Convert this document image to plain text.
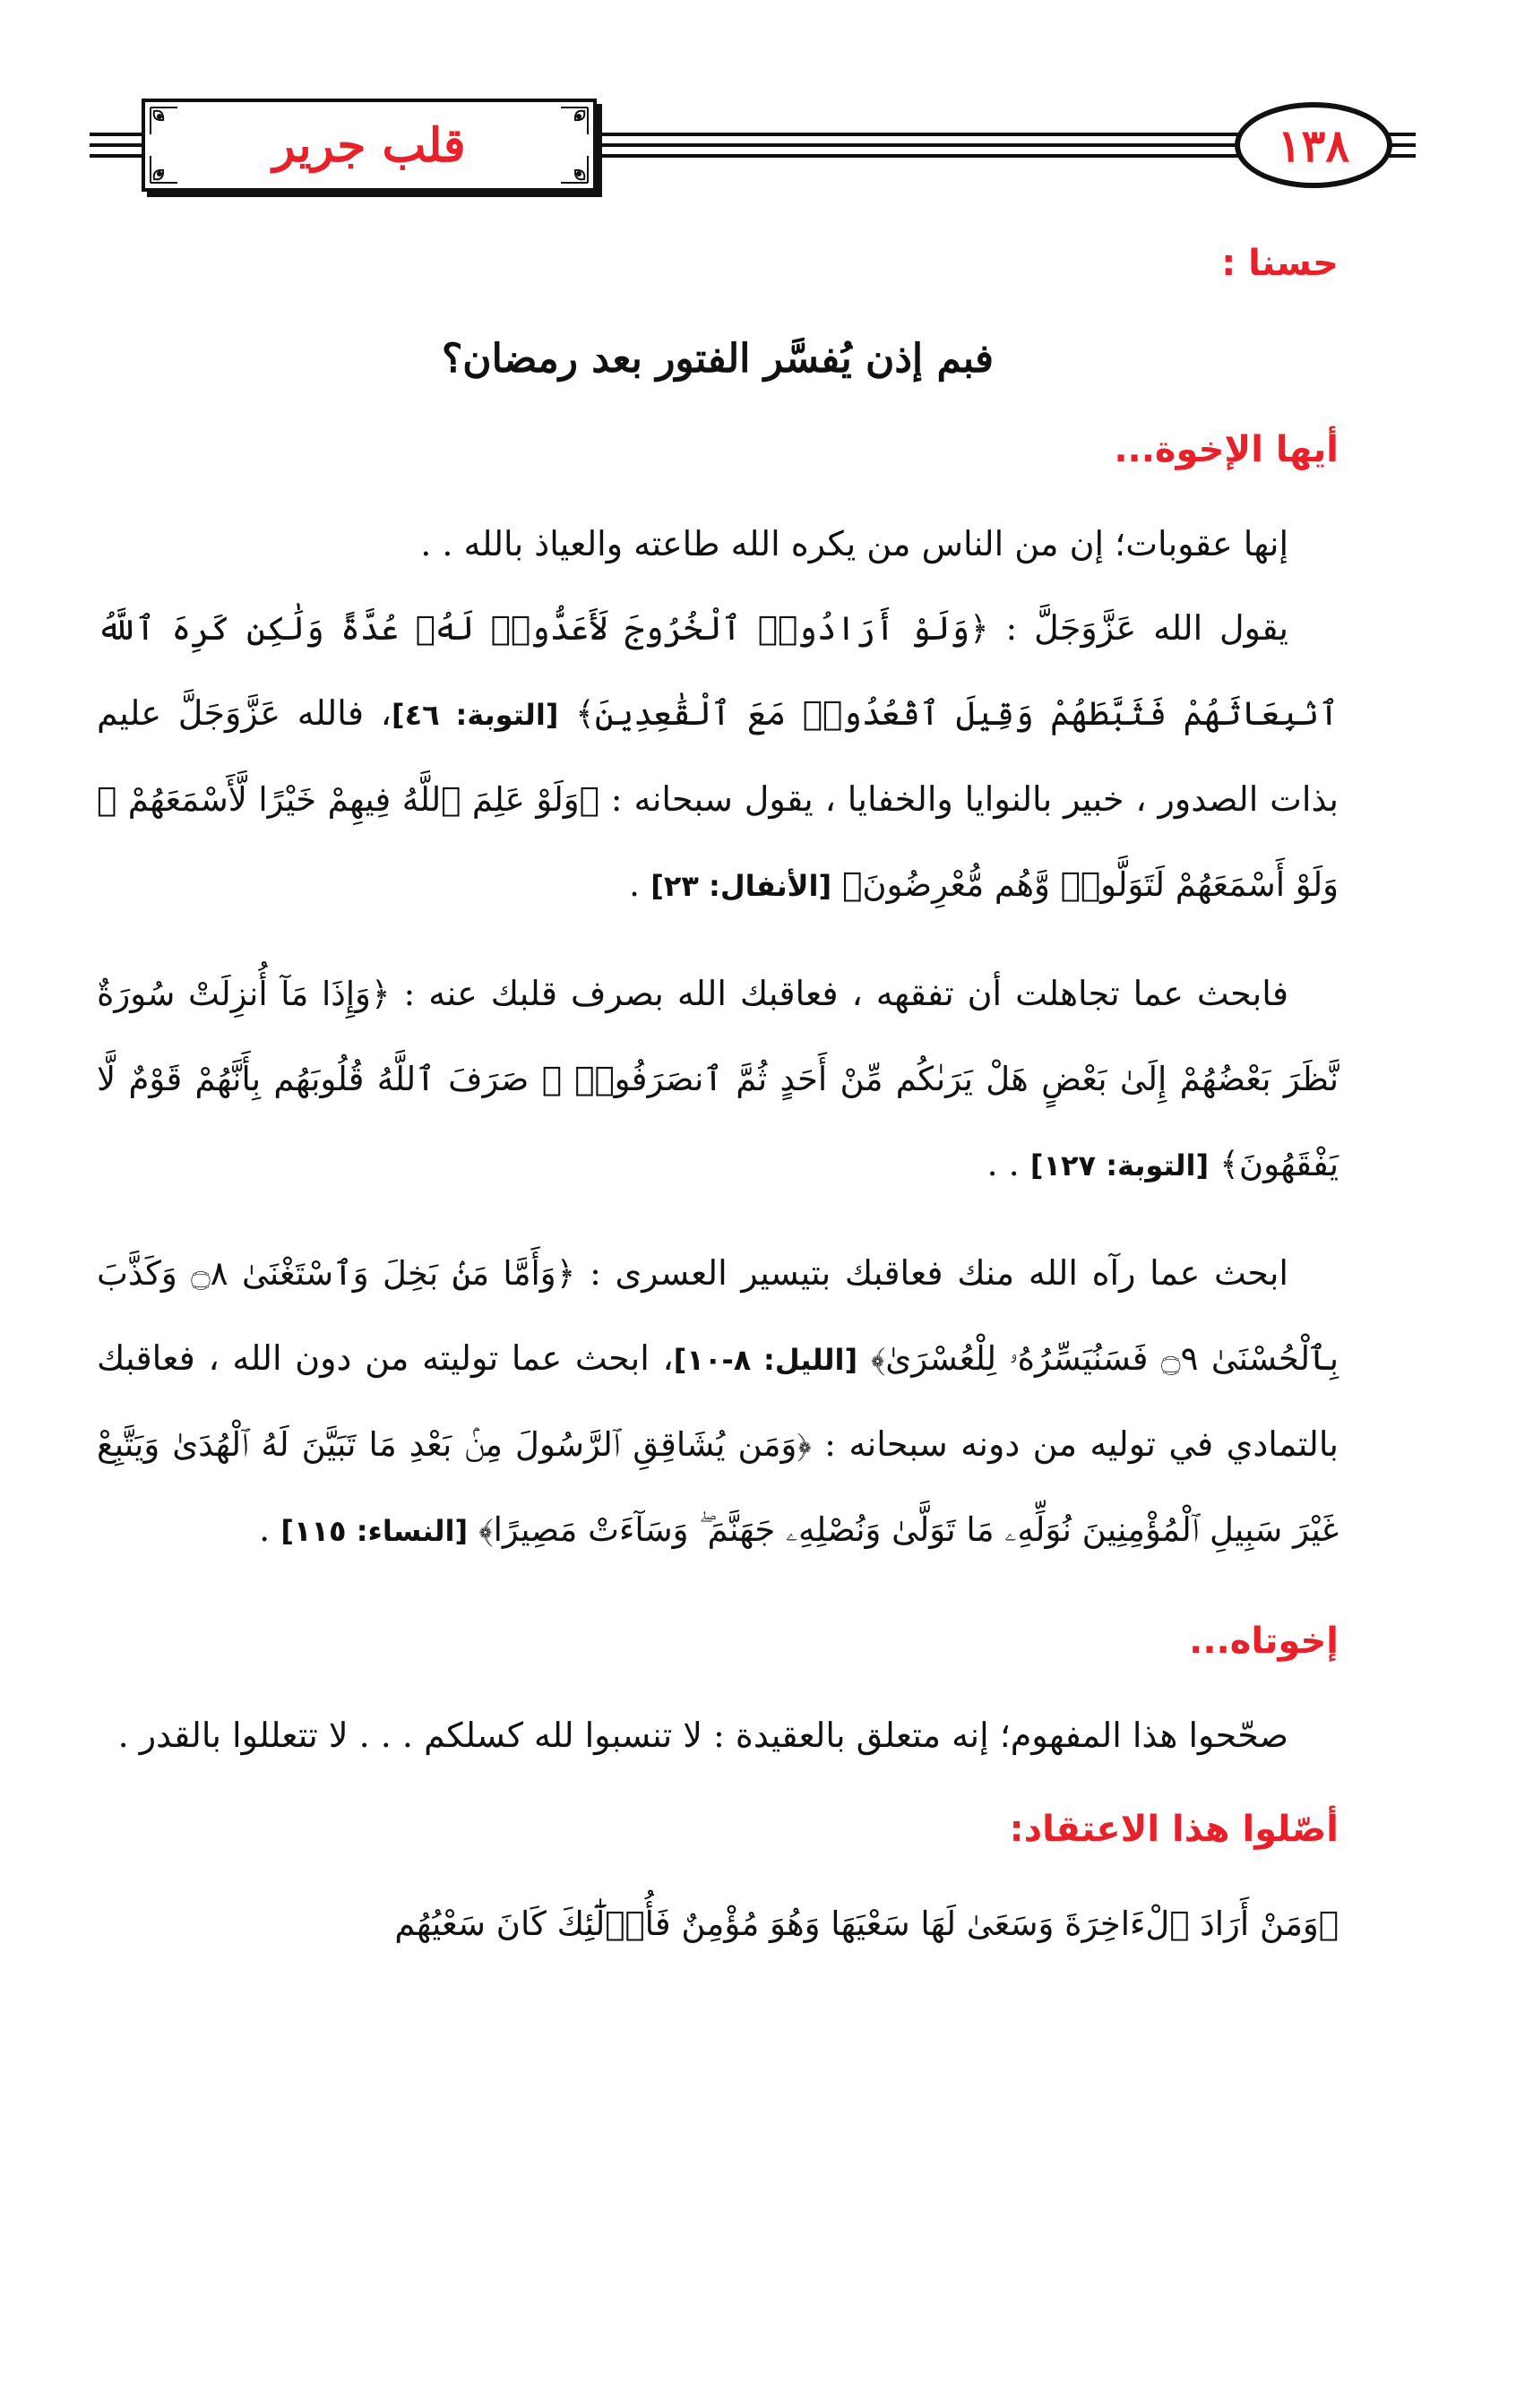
قلب جرير	١٣٨

حسنا :

فبم إذن يُفسَّر الفتور بعد رمضان؟

أيها الإخوة...

إنها عقوبات؛ إن من الناس من يكره الله طاعته والعياذ بالله . .

يقول الله عَزَّوَجَلَّ : ﴿وَلَوْ أَرَادُوا۟ ٱلْخُرُوجَ لَأَعَدُّوا۟ لَهُۥ عُدَّةً وَلَٰكِن كَرِهَ ٱللَّهُ ٱنۢبِعَاثَهُمْ فَثَبَّطَهُمْ وَقِيلَ ٱقْعُدُوا۟ مَعَ ٱلْقَٰعِدِينَ﴾ [التوبة: ٤٦]، فالله عَزَّوَجَلَّ عليم بذات الصدور ، خبير بالنوايا والخفايا ، يقول سبحانه : ﴿وَلَوْ عَلِمَ ٱللَّهُ فِيهِمْ خَيْرًا لَّأَسْمَعَهُمْ ۖ وَلَوْ أَسْمَعَهُمْ لَتَوَلَّوا۟ وَّهُم مُّعْرِضُونَ﴾ [الأنفال: ٢٣] .

فابحث عما تجاهلت أن تفقهه ، فعاقبك الله بصرف قلبك عنه : ﴿وَإِذَا مَآ أُنزِلَتْ سُورَةٌ نَّظَرَ بَعْضُهُمْ إِلَىٰ بَعْضٍ هَلْ يَرَىٰكُم مِّنْ أَحَدٍ ثُمَّ ٱنصَرَفُوا۟ ۚ صَرَفَ ٱللَّهُ قُلُوبَهُم بِأَنَّهُمْ قَوْمٌ لَّا يَفْقَهُونَ﴾ [التوبة: ١٢٧] . .

ابحث عما رآه الله منك فعاقبك بتيسير العسرى : ﴿وَأَمَّا مَنۢ بَخِلَ وَٱسْتَغْنَىٰ ۝٨ وَكَذَّبَ بِٱلْحُسْنَىٰ ۝٩ فَسَنُيَسِّرُهُۥ لِلْعُسْرَىٰ﴾ [الليل: ٨-١٠]، ابحث عما توليته من دون الله ، فعاقبك بالتمادي في توليه من دونه سبحانه : ﴿وَمَن يُشَاقِقِ ٱلرَّسُولَ مِنۢ بَعْدِ مَا تَبَيَّنَ لَهُ ٱلْهُدَىٰ وَيَتَّبِعْ غَيْرَ سَبِيلِ ٱلْمُؤْمِنِينَ نُوَلِّهِۦ مَا تَوَلَّىٰ وَنُصْلِهِۦ جَهَنَّمَ ۖ وَسَآءَتْ مَصِيرًا﴾ [النساء: ١١٥] .

إخوتاه...

صحّحوا هذا المفهوم؛ إنه متعلق بالعقيدة : لا تنسبوا لله كسلكم . . . لا تتعللوا بالقدر .

أصّلوا هذا الاعتقاد:

﴿وَمَنْ أَرَادَ ٱلْءَاخِرَةَ وَسَعَىٰ لَهَا سَعْيَهَا وَهُوَ مُؤْمِنٌ فَأُو۟لَٰٓئِكَ كَانَ سَعْيُهُم
